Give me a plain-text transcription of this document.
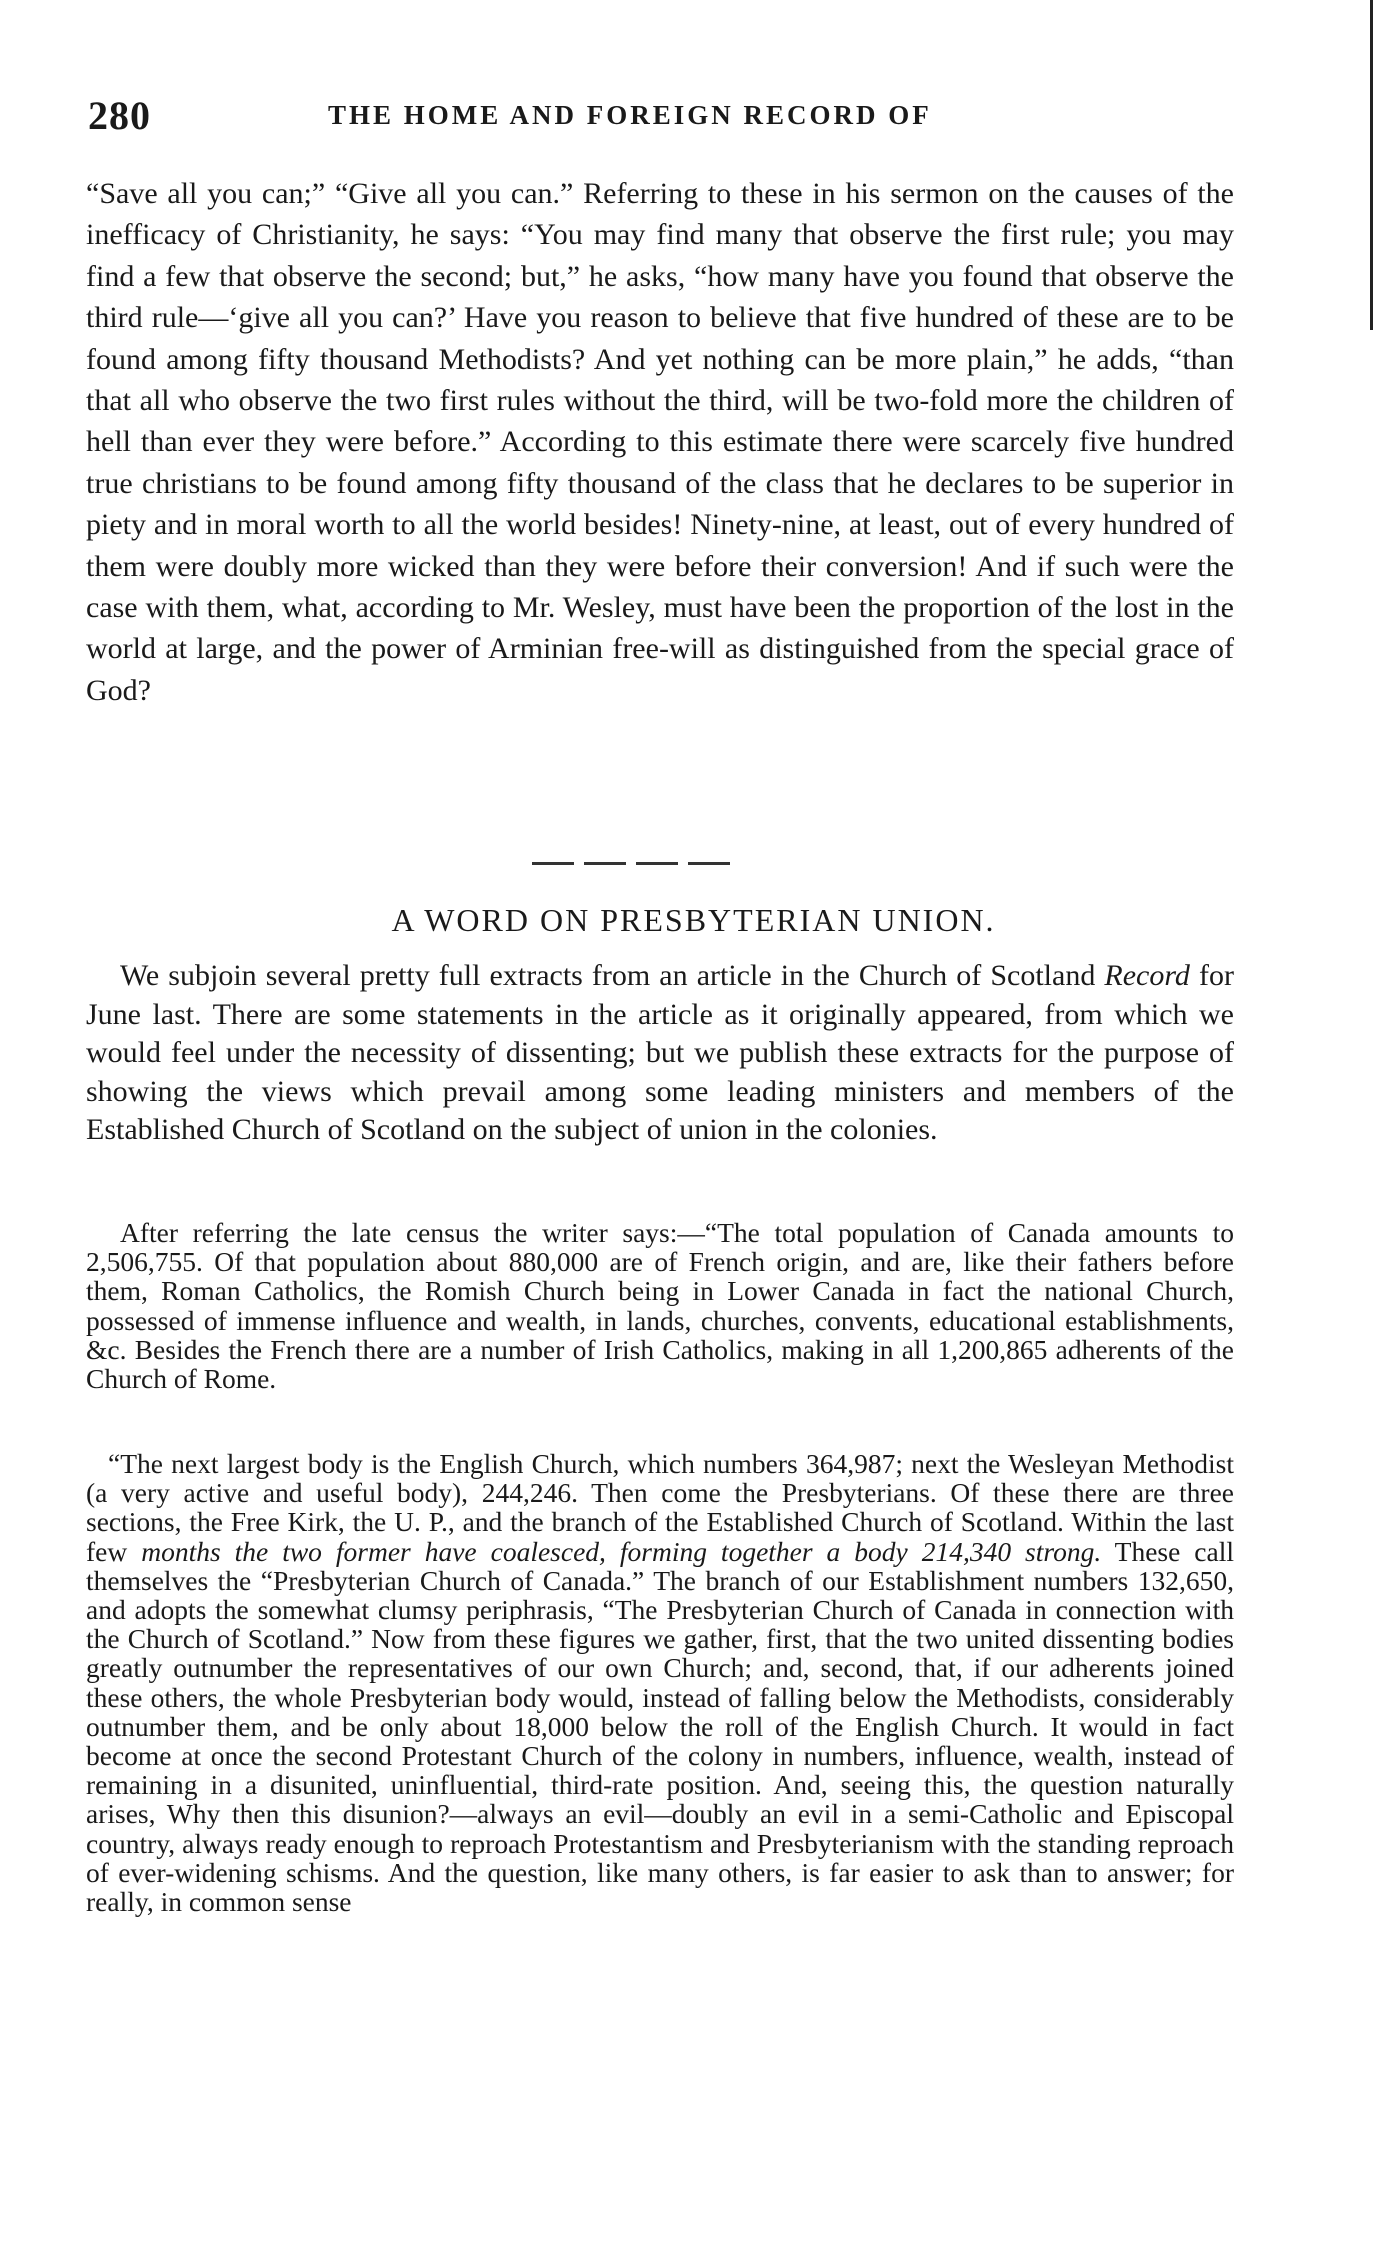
280	THE HOME AND FOREIGN RECORD OF

“Save all you can;” “Give all you can.” Referring to these in his sermon on the causes of the inefficacy of Christianity, he says: “You may find many that observe the first rule; you may find a few that observe the second; but,” he asks, “how many have you found that observe the third rule—‘give all you can?’ Have you reason to believe that five hundred of these are to be found among fifty thousand Methodists? And yet nothing can be more plain,” he adds, “than that all who observe the two first rules without the third, will be two-fold more the children of hell than ever they were before.” According to this estimate there were scarcely five hundred true christians to be found among fifty thousand of the class that he declares to be superior in piety and in moral worth to all the world besides! Ninety-nine, at least, out of every hundred of them were doubly more wicked than they were before their conversion! And if such were the case with them, what, according to Mr. Wesley, must have been the proportion of the lost in the world at large, and the power of Arminian free-will as distinguished from the special grace of God?

A WORD ON PRESBYTERIAN UNION.

We subjoin several pretty full extracts from an article in the Church of Scotland Record for June last. There are some statements in the article as it originally appeared, from which we would feel under the necessity of dissenting; but we publish these extracts for the purpose of showing the views which prevail among some leading ministers and members of the Established Church of Scotland on the subject of union in the colonies.

After referring the late census the writer says:—“The total population of Canada amounts to 2,506,755. Of that population about 880,000 are of French origin, and are, like their fathers before them, Roman Catholics, the Romish Church being in Lower Canada in fact the national Church, possessed of immense influence and wealth, in lands, churches, convents, educational establishments, &c. Besides the French there are a number of Irish Catholics, making in all 1,200,865 adherents of the Church of Rome.

“The next largest body is the English Church, which numbers 364,987; next the Wesleyan Methodist (a very active and useful body), 244,246. Then come the Presbyterians. Of these there are three sections, the Free Kirk, the U. P., and the branch of the Established Church of Scotland. Within the last few months the two former have coalesced, forming together a body 214,340 strong. These call themselves the “Presbyterian Church of Canada.” The branch of our Establishment numbers 132,650, and adopts the somewhat clumsy periphrasis, “The Presbyterian Church of Canada in connection with the Church of Scotland.” Now from these figures we gather, first, that the two united dissenting bodies greatly outnumber the representatives of our own Church; and, second, that, if our adherents joined these others, the whole Presbyterian body would, instead of falling below the Methodists, considerably outnumber them, and be only about 18,000 below the roll of the English Church. It would in fact become at once the second Protestant Church of the colony in numbers, influence, wealth, instead of remaining in a disunited, uninfluential, third-rate position. And, seeing this, the question naturally arises, Why then this disunion?—always an evil—doubly an evil in a semi-Catholic and Episcopal country, always ready enough to reproach Protestantism and Presbyterianism with the standing reproach of ever-widening schisms. And the question, like many others, is far easier to ask than to answer; for really, in common sense
